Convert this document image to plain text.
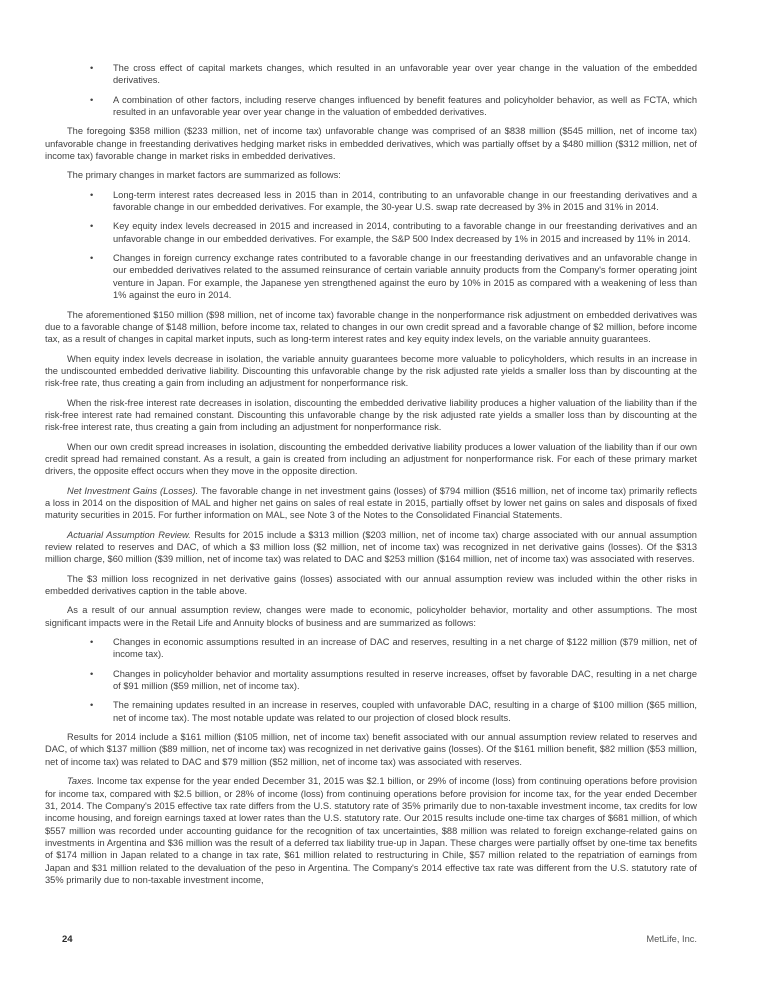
• The cross effect of capital markets changes, which resulted in an unfavorable year over year change in the valuation of the embedded derivatives.
• A combination of other factors, including reserve changes influenced by benefit features and policyholder behavior, as well as FCTA, which resulted in an unfavorable year over year change in the valuation of embedded derivatives.

The foregoing $358 million ($233 million, net of income tax) unfavorable change was comprised of an $838 million ($545 million, net of income tax) unfavorable change in freestanding derivatives hedging market risks in embedded derivatives, which was partially offset by a $480 million ($312 million, net of income tax) favorable change in market risks in embedded derivatives.

The primary changes in market factors are summarized as follows:

• Long-term interest rates decreased less in 2015 than in 2014, contributing to an unfavorable change in our freestanding derivatives and a favorable change in our embedded derivatives. For example, the 30-year U.S. swap rate decreased by 3% in 2015 and 31% in 2014.
• Key equity index levels decreased in 2015 and increased in 2014, contributing to a favorable change in our freestanding derivatives and an unfavorable change in our embedded derivatives. For example, the S&P 500 Index decreased by 1% in 2015 and increased by 11% in 2014.
• Changes in foreign currency exchange rates contributed to a favorable change in our freestanding derivatives and an unfavorable change in our embedded derivatives related to the assumed reinsurance of certain variable annuity products from the Company's former operating joint venture in Japan. For example, the Japanese yen strengthened against the euro by 10% in 2015 as compared with a weakening of less than 1% against the euro in 2014.

The aforementioned $150 million ($98 million, net of income tax) favorable change in the nonperformance risk adjustment on embedded derivatives was due to a favorable change of $148 million, before income tax, related to changes in our own credit spread and a favorable change of $2 million, before income tax, as a result of changes in capital market inputs, such as long-term interest rates and key equity index levels, on the variable annuity guarantees.

When equity index levels decrease in isolation, the variable annuity guarantees become more valuable to policyholders, which results in an increase in the undiscounted embedded derivative liability. Discounting this unfavorable change by the risk adjusted rate yields a smaller loss than by discounting at the risk-free rate, thus creating a gain from including an adjustment for nonperformance risk.

When the risk-free interest rate decreases in isolation, discounting the embedded derivative liability produces a higher valuation of the liability than if the risk-free interest rate had remained constant. Discounting this unfavorable change by the risk adjusted rate yields a smaller loss than by discounting at the risk-free interest rate, thus creating a gain from including an adjustment for nonperformance risk.

When our own credit spread increases in isolation, discounting the embedded derivative liability produces a lower valuation of the liability than if our own credit spread had remained constant. As a result, a gain is created from including an adjustment for nonperformance risk. For each of these primary market drivers, the opposite effect occurs when they move in the opposite direction.

Net Investment Gains (Losses). The favorable change in net investment gains (losses) of $794 million ($516 million, net of income tax) primarily reflects a loss in 2014 on the disposition of MAL and higher net gains on sales of real estate in 2015, partially offset by lower net gains on sales and disposals of fixed maturity securities in 2015. For further information on MAL, see Note 3 of the Notes to the Consolidated Financial Statements.

Actuarial Assumption Review. Results for 2015 include a $313 million ($203 million, net of income tax) charge associated with our annual assumption review related to reserves and DAC, of which a $3 million loss ($2 million, net of income tax) was recognized in net derivative gains (losses). Of the $313 million charge, $60 million ($39 million, net of income tax) was related to DAC and $253 million ($164 million, net of income tax) was associated with reserves.

The $3 million loss recognized in net derivative gains (losses) associated with our annual assumption review was included within the other risks in embedded derivatives caption in the table above.

As a result of our annual assumption review, changes were made to economic, policyholder behavior, mortality and other assumptions. The most significant impacts were in the Retail Life and Annuity blocks of business and are summarized as follows:

• Changes in economic assumptions resulted in an increase of DAC and reserves, resulting in a net charge of $122 million ($79 million, net of income tax).
• Changes in policyholder behavior and mortality assumptions resulted in reserve increases, offset by favorable DAC, resulting in a net charge of $91 million ($59 million, net of income tax).
• The remaining updates resulted in an increase in reserves, coupled with unfavorable DAC, resulting in a charge of $100 million ($65 million, net of income tax). The most notable update was related to our projection of closed block results.

Results for 2014 include a $161 million ($105 million, net of income tax) benefit associated with our annual assumption review related to reserves and DAC, of which $137 million ($89 million, net of income tax) was recognized in net derivative gains (losses). Of the $161 million benefit, $82 million ($53 million, net of income tax) was related to DAC and $79 million ($52 million, net of income tax) was associated with reserves.

Taxes. Income tax expense for the year ended December 31, 2015 was $2.1 billion, or 29% of income (loss) from continuing operations before provision for income tax, compared with $2.5 billion, or 28% of income (loss) from continuing operations before provision for income tax, for the year ended December 31, 2014. The Company's 2015 effective tax rate differs from the U.S. statutory rate of 35% primarily due to non-taxable investment income, tax credits for low income housing, and foreign earnings taxed at lower rates than the U.S. statutory rate. Our 2015 results include one-time tax charges of $681 million, of which $557 million was recorded under accounting guidance for the recognition of tax uncertainties, $88 million was related to foreign exchange-related gains on investments in Argentina and $36 million was the result of a deferred tax liability true-up in Japan. These charges were partially offset by one-time tax benefits of $174 million in Japan related to a change in tax rate, $61 million related to restructuring in Chile, $57 million related to the repatriation of earnings from Japan and $31 million related to the devaluation of the peso in Argentina. The Company's 2014 effective tax rate was different from the U.S. statutory rate of 35% primarily due to non-taxable investment income,

24	MetLife, Inc.
